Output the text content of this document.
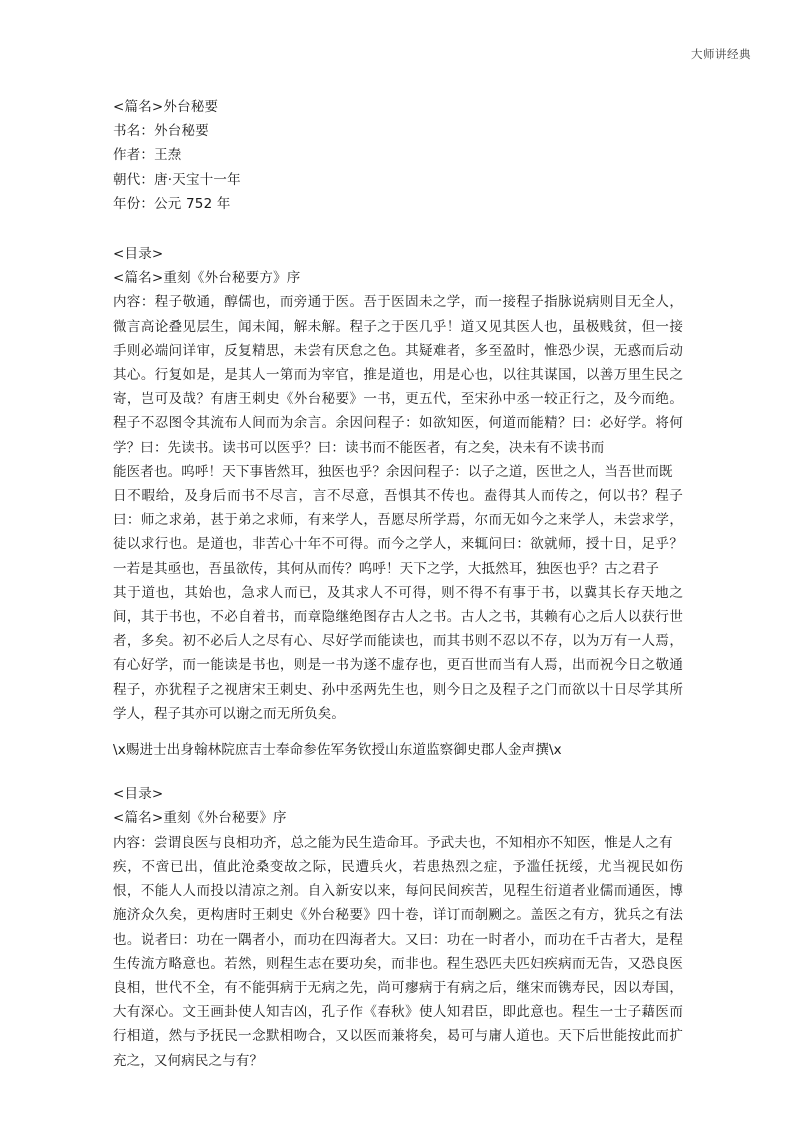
大师讲经典
<篇名>外台秘要
书名：外台秘要
作者：王焘
朝代：唐·天宝十一年
年份：公元 752 年
<目录>
<篇名>重刻《外台秘要方》序

内容：程子敬通，醇儒也，而旁通于医。吾于医固未之学，而一接程子指脉说病则目无全人，微言高论叠见层生，闻未闻，解未解。程子之于医几乎！道又见其医人也，虽极贱贫，但一接手则必端问详审，反复精思，未尝有厌怠之色。其疑难者，多至盈时，惟恐少误，无惑而后动其心。行复如是，是其人一第而为宰官，推是道也，用是心也，以往其谋国，以善万里生民之寄，岂可及哉？有唐王刺史《外台秘要》一书，更五代，至宋孙中丞一较正行之，及今而绝。程子不忍图令其流布人间而为余言。余因问程子：如欲知医，何道而能精？曰：必好学。将何学？曰：先读书。读书可以医乎？曰：读书而不能医者，有之矣，决未有不读书而

能医者也。呜呼！天下事皆然耳，独医也乎？余因问程子：以子之道，医世之人，当吾世而既

日不暇给，及身后而书不尽言，言不尽意，吾惧其不传也。盍得其人而传之，何以书？程子曰：师之求弟，甚于弟之求师，有来学人，吾愿尽所学焉，尔而无如今之来学人，未尝求学，徒以求行也。是道也，非苦心十年不可得。而今之学人，来辄问曰：欲就师，授十日，足乎？一若是其亟也，吾虽欲传，其何从而传？呜呼！天下之学，大抵然耳，独医也乎？古之君子

其于道也，其始也，急求人而已，及其求人不可得，则不得不有事于书，以冀其长存天地之间，其于书也，不必自着书，而章隐继绝图存古人之书。古人之书，其赖有心之后人以获行世者，多矣。初不必后人之尽有心、尽好学而能读也，而其书则不忍以不存，以为万有一人焉，有心好学，而一能读是书也，则是一书为遂不虚存也，更百世而当有人焉，出而祝今日之敬通程子，亦犹程子之视唐宋王刺史、孙中丞两先生也，则今日之及程子之门而欲以十日尽学其所学人，程子其亦可以谢之而无所负矣。

\x赐进士出身翰林院庶吉士奉命参佐军务钦授山东道监察御史郡人金声撰\x

<目录>
<篇名>重刻《外台秘要》序

内容：尝谓良医与良相功齐，总之能为民生造命耳。予武夫也，不知相亦不知医，惟是人之有

疾，不啻已出，值此沧桑变故之际，民遭兵火，若患热烈之症，予滥任抚绥，尤当视民如伤恨，不能人人而投以清凉之剂。自入新安以来，每问民间疾苦，见程生衍道者业儒而通医，博施济众久矣，更构唐时王刺史《外台秘要》四十卷，详订而剞劂之。盖医之有方，犹兵之有法也。说者曰：功在一隅者小，而功在四海者大。又曰：功在一时者小，而功在千古者大，是程生传流方略意也。若然，则程生志在要功矣，而非也。程生恐匹夫匹妇疾病而无告，又恐良医良相，世代不全，有不能弭病于无病之先，尚可瘳病于有病之后，继宋而镌寿民，因以寿国，大有深心。文王画卦使人知吉凶，孔子作《春秋》使人知君臣，即此意也。程生一士子藉医而行相道，然与予抚民一念默相吻合，又以医而兼将矣，曷可与庸人道也。天下后世能按此而扩充之，又何病民之与有？
